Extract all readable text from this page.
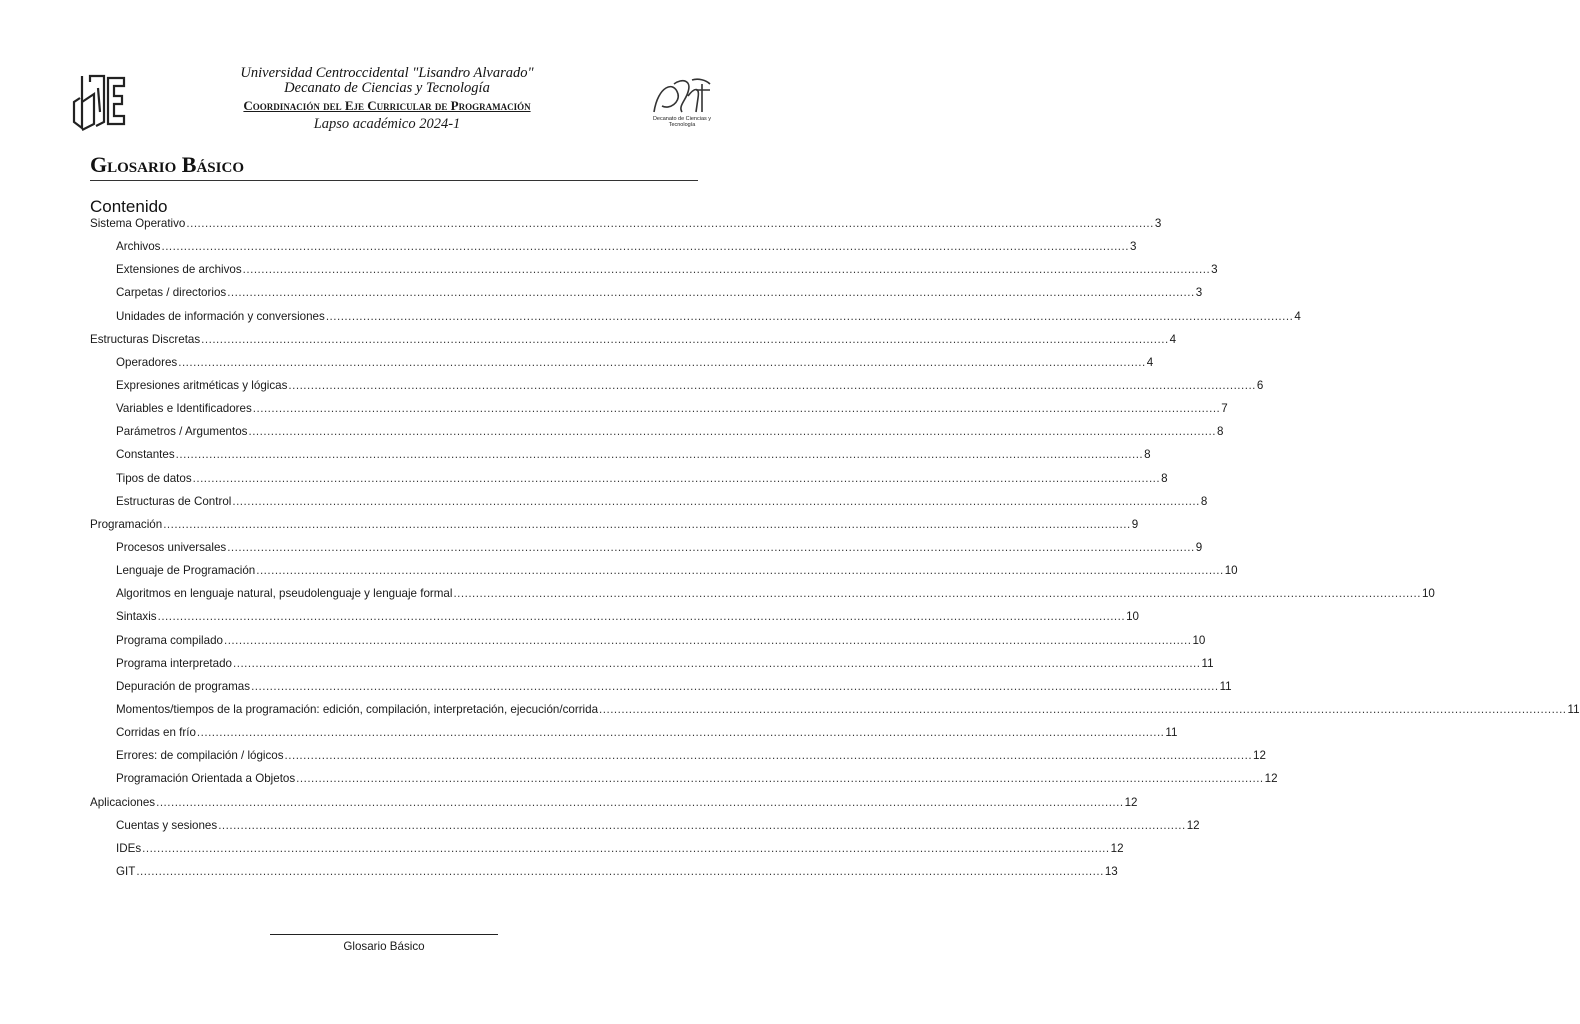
Universidad Centroccidental "Lisandro Alvarado"
Decanato de Ciencias y Tecnología
Coordinación del Eje Curricular de Programación
Lapso académico 2024-1	Decanato de Ciencias y Tecnología
Glosario Básico
Contenido
Sistema Operativo .................................................................................................................................................................................................................................................................... 3
Archivos .................................................................................................................................................................................................................................................................... 3
Extensiones de archivos .................................................................................................................................................................................................................................................................... 3
Carpetas / directorios .................................................................................................................................................................................................................................................................... 3
Unidades de información y conversiones .................................................................................................................................................................................................................................................................... 4
Estructuras Discretas .................................................................................................................................................................................................................................................................... 4
Operadores .................................................................................................................................................................................................................................................................... 4
Expresiones aritméticas y lógicas .................................................................................................................................................................................................................................................................... 6
Variables e Identificadores .................................................................................................................................................................................................................................................................... 7
Parámetros / Argumentos .................................................................................................................................................................................................................................................................... 8
Constantes .................................................................................................................................................................................................................................................................... 8
Tipos de datos .................................................................................................................................................................................................................................................................... 8
Estructuras de Control .................................................................................................................................................................................................................................................................... 8
Programación .................................................................................................................................................................................................................................................................... 9
Procesos universales .................................................................................................................................................................................................................................................................... 9
Lenguaje de Programación .................................................................................................................................................................................................................................................................... 10
Algoritmos en lenguaje natural, pseudolenguaje y lenguaje formal .................................................................................................................................................................................................................................................................... 10
Sintaxis .................................................................................................................................................................................................................................................................... 10
Programa compilado .................................................................................................................................................................................................................................................................... 10
Programa interpretado .................................................................................................................................................................................................................................................................... 11
Depuración de programas .................................................................................................................................................................................................................................................................... 11
Momentos/tiempos de la programación: edición, compilación, interpretación, ejecución/corrida .................................................................................................................................................................................................................................................................... 11
Corridas en frío .................................................................................................................................................................................................................................................................... 11
Errores: de compilación / lógicos .................................................................................................................................................................................................................................................................... 12
Programación Orientada a Objetos .................................................................................................................................................................................................................................................................... 12
Aplicaciones .................................................................................................................................................................................................................................................................... 12
Cuentas y sesiones .................................................................................................................................................................................................................................................................... 12
IDEs .................................................................................................................................................................................................................................................................... 12
GIT .................................................................................................................................................................................................................................................................... 13
Glosario Básico
